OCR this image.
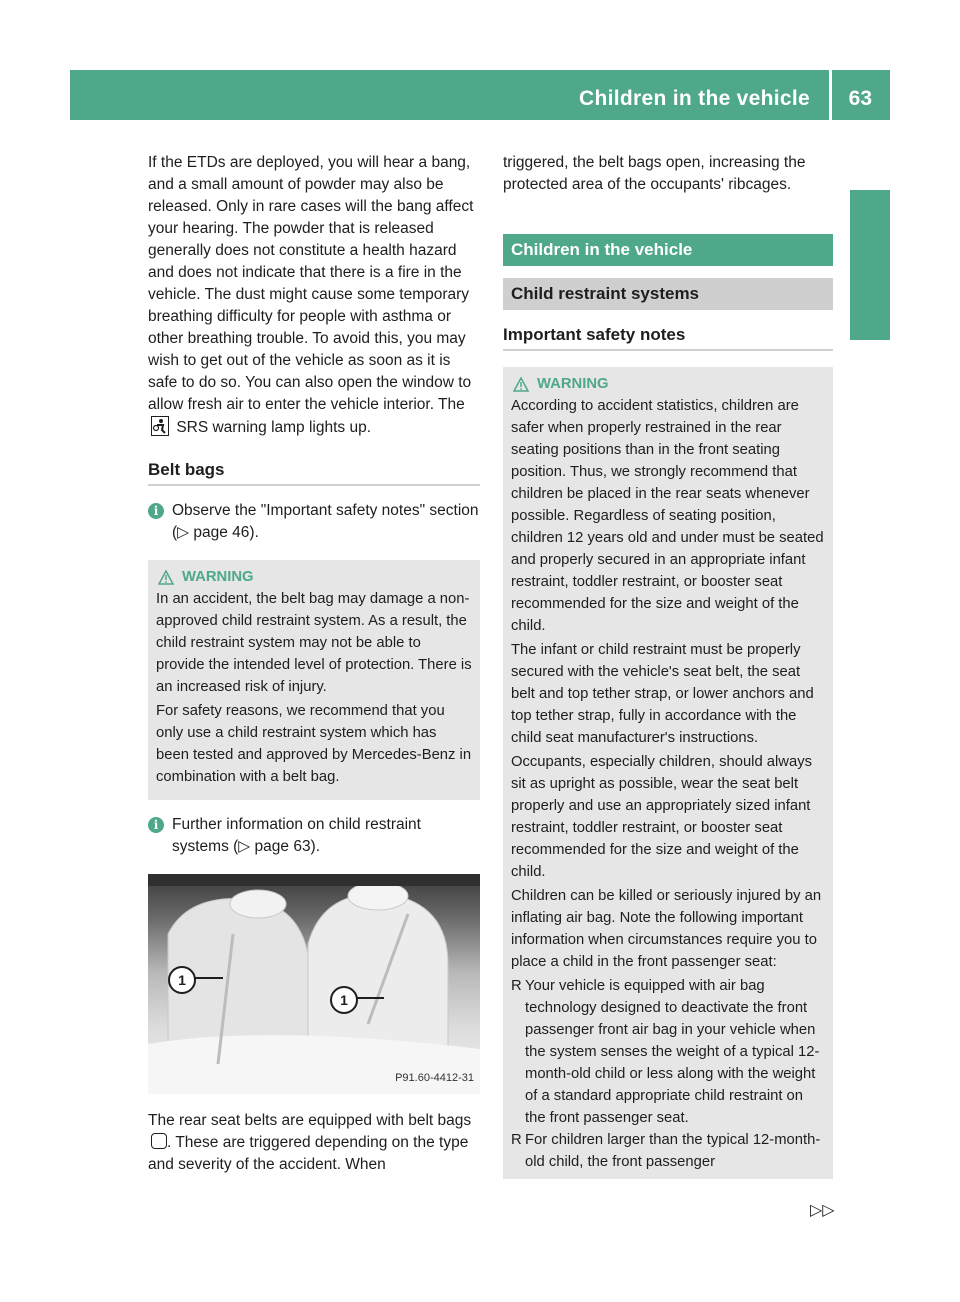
Children in the vehicle 63
Safety

If the ETDs are deployed, you will hear a bang, and a small amount of powder may also be released. Only in rare cases will the bang affect your hearing. The powder that is released generally does not constitute a health hazard and does not indicate that there is a fire in the vehicle. The dust might cause some temporary breathing difficulty for people with asthma or other breathing trouble. To avoid this, you may wish to get out of the vehicle as soon as it is safe to do so. You can also open the window to allow fresh air to enter the vehicle interior. The  SRS warning lamp lights up.

Belt bags
i Observe the "Important safety notes" section (▷ page 46).
WARNING

In an accident, the belt bag may damage a non-approved child restraint system. As a result, the child restraint system may not be able to provide the intended level of protection. There is an increased risk of injury.

For safety reasons, we recommend that you only use a child restraint system which has been tested and approved by Mercedes-Benz in combination with a belt bag.

i Further information on child restraint systems (▷ page 63).
1
1
P91.60-4412-31

The rear seat belts are equipped with belt bags . These are triggered depending on the type and severity of the accident. When

triggered, the belt bags open, increasing the protected area of the occupants' ribcages.

Children in the vehicle
Child restraint systems
Important safety notes
WARNING

According to accident statistics, children are safer when properly restrained in the rear seating positions than in the front seating position. Thus, we strongly recommend that children be placed in the rear seats whenever possible. Regardless of seating position, children 12 years old and under must be seated and properly secured in an appropriate infant restraint, toddler restraint, or booster seat recommended for the size and weight of the child.

The infant or child restraint must be properly secured with the vehicle's seat belt, the seat belt and top tether strap, or lower anchors and top tether strap, fully in accordance with the child seat manufacturer's instructions.

Occupants, especially children, should always sit as upright as possible, wear the seat belt properly and use an appropriately sized infant restraint, toddler restraint, or booster seat recommended for the size and weight of the child.

Children can be killed or seriously injured by an inflating air bag. Note the following important information when circumstances require you to place a child in the front passenger seat:

R Your vehicle is equipped with air bag technology designed to deactivate the front passenger front air bag in your vehicle when the system senses the weight of a typical 12-month-old child or less along with the weight of a standard appropriate child restraint on the front passenger seat.
R For children larger than the typical 12-month-old child, the front passenger
▷▷
